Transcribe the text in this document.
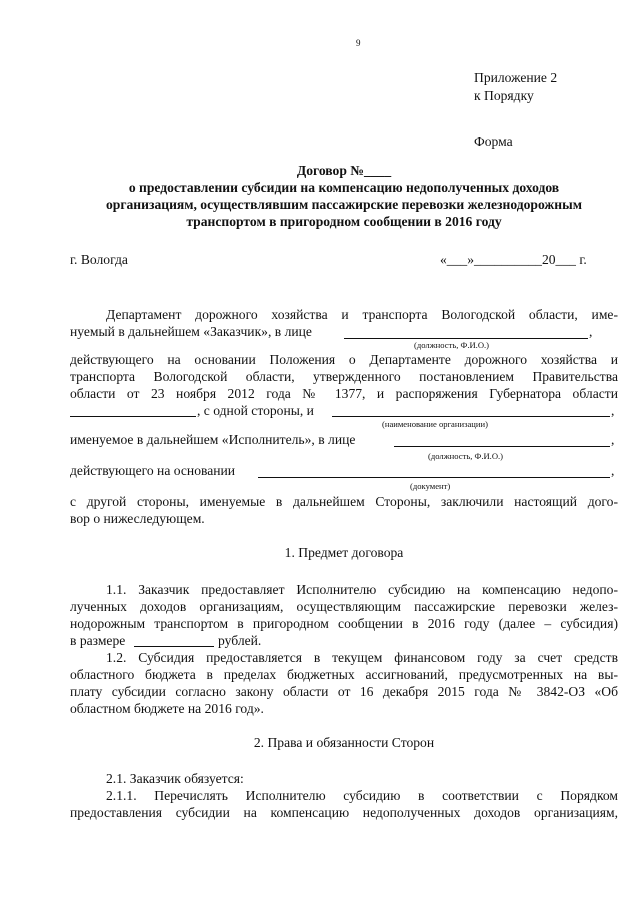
9
Приложение 2
к Порядку
Форма
Договор №____
о предоставлении субсидии на компенсацию недополученных доходов
организациям, осуществлявшим пассажирские перевозки железнодорожным
транспортом в пригородном сообщении в 2016 году
г. Вологда	«___»__________20___ г.
Департамент дорожного хозяйства и транспорта Вологодской области, име-
нуемый в дальнейшем «Заказчик», в лице	,
(должность, Ф.И.О.)
действующего на основании Положения о Департаменте дорожного хозяйства и
транспорта Вологодской области, утвержденного постановлением Правительства
области от 23 ноября 2012 года № 1377, и распоряжения Губернатора области
, с одной стороны, и	,
(наименование организации)
именуемое в дальнейшем «Исполнитель», в лице	,
(должность, Ф.И.О.)
действующего на основании	,
(документ)
с другой стороны, именуемые в дальнейшем Стороны, заключили настоящий дого-
вор о нижеследующем.
1. Предмет договора
1.1. Заказчик предоставляет Исполнителю субсидию на компенсацию недопо-
лученных доходов организациям, осуществляющим пассажирские перевозки желез-
нодорожным транспортом в пригородном сообщении в 2016 году (далее – субсидия)
в размере	рублей.
1.2. Субсидия предоставляется в текущем финансовом году за счет средств
областного бюджета в пределах бюджетных ассигнований, предусмотренных на вы-
плату субсидии согласно закону области от 16 декабря 2015 года № 3842-ОЗ «Об
областном бюджете на 2016 год».
2. Права и обязанности Сторон
2.1. Заказчик обязуется:
2.1.1. Перечислять Исполнителю субсидию в соответствии с Порядком
предоставления субсидии на компенсацию недополученных доходов организациям,
